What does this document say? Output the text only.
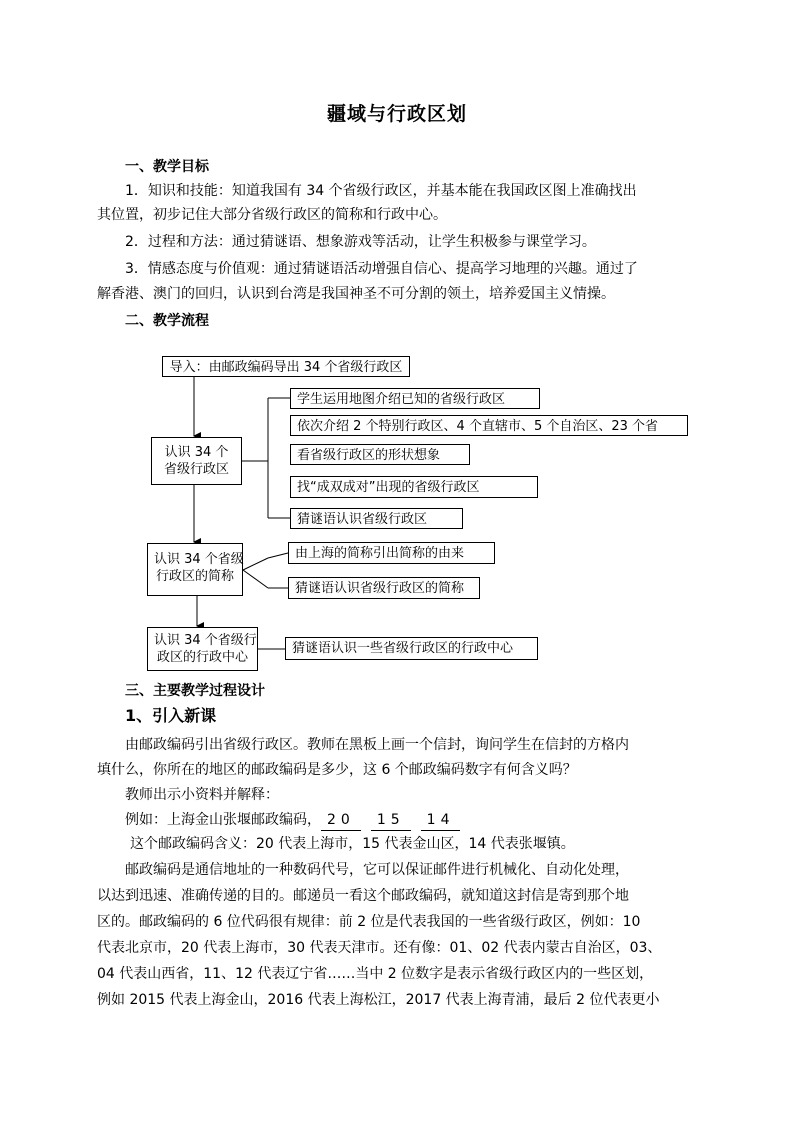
疆域与行政区划
一、教学目标
1．知识和技能：知道我国有 34 个省级行政区，并基本能在我国政区图上准确找出
其位置，初步记住大部分省级行政区的简称和行政中心。
2．过程和方法：通过猜谜语、想象游戏等活动，让学生积极参与课堂学习。
3．情感态度与价值观：通过猜谜语活动增强自信心、提高学习地理的兴趣。通过了
解香港、澳门的回归，认识到台湾是我国神圣不可分割的领土，培养爱国主义情操。
二、教学流程
导入：由邮政编码导出 34 个省级行政区
认识 34 个
省级行政区
学生运用地图介绍已知的省级行政区
依次介绍 2 个特别行政区、4 个直辖市、5 个自治区、23 个省
看省级行政区的形状想象
找“成双成对”出现的省级行政区
猜谜语认识省级行政区
认识 34 个省级
行政区的简称
由上海的简称引出简称的由来
猜谜语认识省级行政区的简称
认识 34 个省级行
政区的行政中心
猜谜语认识一些省级行政区的行政中心
三、主要教学过程设计
1、引入新课
由邮政编码引出省级行政区。教师在黑板上画一个信封，询问学生在信封的方格内
填什么，你所在的地区的邮政编码是多少，这 6 个邮政编码数字有何含义吗？
教师出示小资料并解释：
例如：上海金山张堰邮政编码， 20 15 14
这个邮政编码含义：20 代表上海市，15 代表金山区，14 代表张堰镇。
邮政编码是通信地址的一种数码代号，它可以保证邮件进行机械化、自动化处理，
以达到迅速、准确传递的目的。邮递员一看这个邮政编码，就知道这封信是寄到那个地
区的。邮政编码的 6 位代码很有规律：前 2 位是代表我国的一些省级行政区，例如：10
代表北京市，20 代表上海市，30 代表天津市。还有像：01、02 代表内蒙古自治区，03、
04 代表山西省，11、12 代表辽宁省……当中 2 位数字是表示省级行政区内的一些区划，
例如 2015 代表上海金山，2016 代表上海松江，2017 代表上海青浦，最后 2 位代表更小
